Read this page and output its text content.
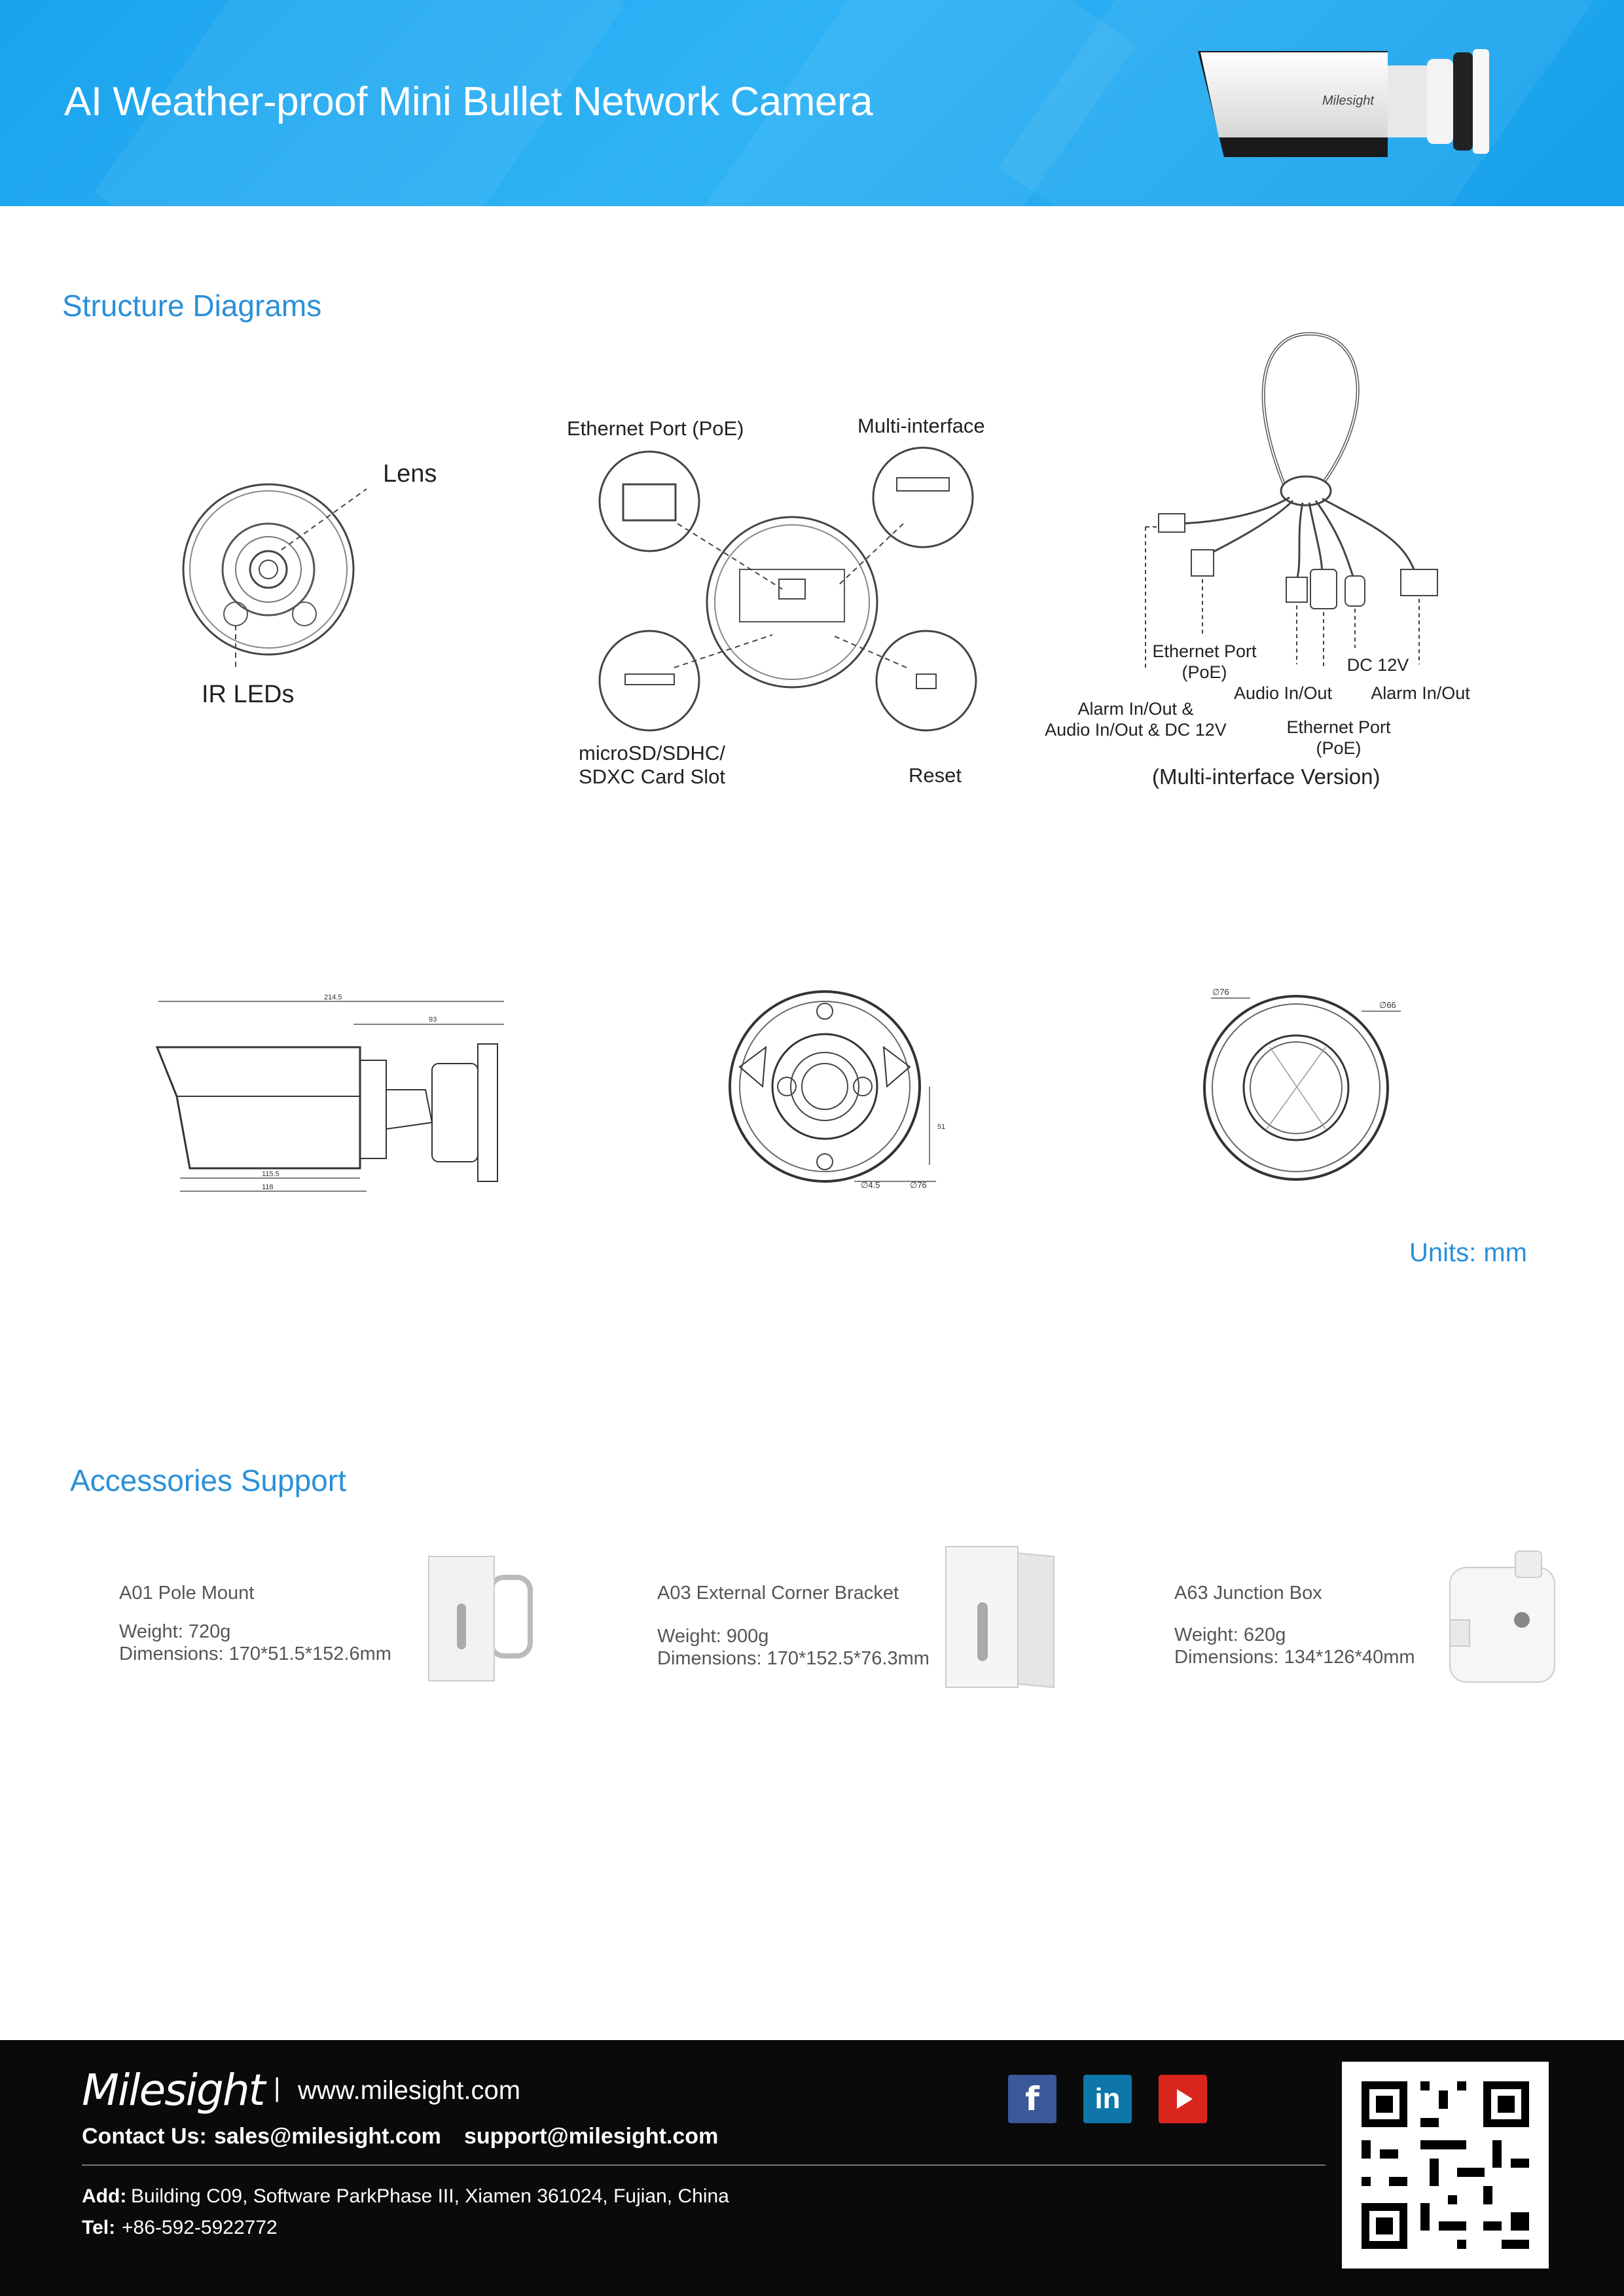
AI Weather-proof Mini Bullet Network Camera	Milesight
Structure Diagrams
Lens
IR LEDs
Ethernet Port (PoE)	Multi-interface
microSD/SDHC/
SDXC Card Slot	Reset
Ethernet Port
(PoE)
Alarm In/Out &
Audio In/Out & DC 12V
Audio In/Out
DC 12V
Alarm In/Out
Ethernet Port
(PoE)
(Multi-interface Version)
214.5
93
115.5
118
51
∅4.5	∅76
∅76
∅66
Units: mm
Accessories Support
A01 Pole Mount
Weight: 720g
Dimensions: 170*51.5*152.6mm
A03 External Corner Bracket
Weight: 900g
Dimensions: 170*152.5*76.3mm
A63 Junction Box
Weight: 620g
Dimensions: 134*126*40mm
Milesight | www.milesight.com
Contact Us: sales@milesight.com support@milesight.com
Add: Building C09, Software ParkPhase III, Xiamen 361024, Fujian, China
Tel: +86-592-5922772
f	in
